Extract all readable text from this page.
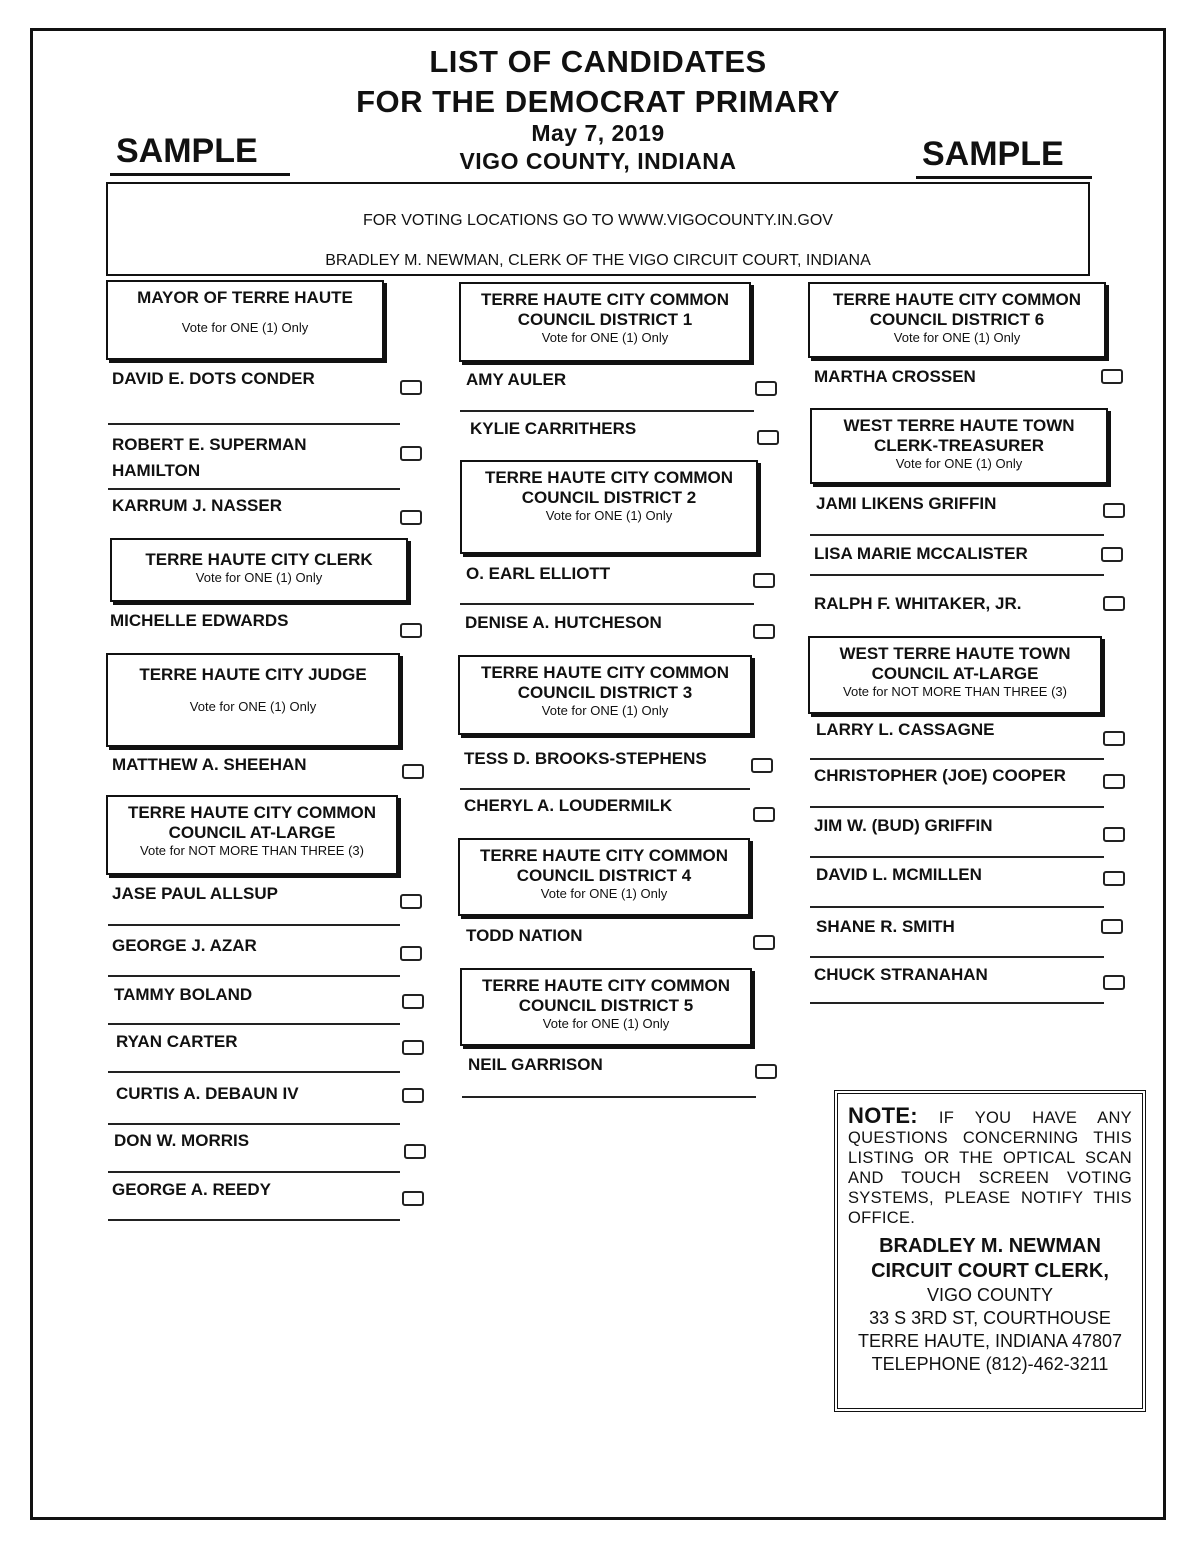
LIST OF CANDIDATES
FOR THE DEMOCRAT PRIMARY
May 7, 2019
VIGO COUNTY, INDIANA
SAMPLE	SAMPLE
FOR VOTING LOCATIONS GO TO WWW.VIGOCOUNTY.IN.GOV
BRADLEY M. NEWMAN, CLERK OF THE VIGO CIRCUIT COURT, INDIANA
MAYOR OF TERRE HAUTE
Vote for ONE (1) Only
DAVID E. DOTS CONDER
ROBERT E. SUPERMAN HAMILTON
KARRUM J. NASSER
TERRE HAUTE CITY CLERK
Vote for ONE (1) Only
MICHELLE EDWARDS
TERRE HAUTE CITY JUDGE
Vote for ONE (1) Only
MATTHEW A. SHEEHAN
TERRE HAUTE CITY COMMON COUNCIL AT-LARGE
Vote for NOT MORE THAN THREE (3)
JASE PAUL ALLSUP
GEORGE J. AZAR
TAMMY BOLAND
RYAN CARTER
CURTIS A. DEBAUN IV
DON W. MORRIS
GEORGE A. REEDY
TERRE HAUTE CITY COMMON COUNCIL DISTRICT 1
Vote for ONE (1) Only
AMY AULER
KYLIE CARRITHERS
TERRE HAUTE CITY COMMON COUNCIL DISTRICT 2
Vote for ONE (1) Only
O. EARL ELLIOTT
DENISE A. HUTCHESON
TERRE HAUTE CITY COMMON COUNCIL DISTRICT 3
Vote for ONE (1) Only
TESS D. BROOKS-STEPHENS
CHERYL A. LOUDERMILK
TERRE HAUTE CITY COMMON COUNCIL DISTRICT 4
Vote for ONE (1) Only
TODD NATION
TERRE HAUTE CITY COMMON COUNCIL DISTRICT 5
Vote for ONE (1) Only
NEIL GARRISON
TERRE HAUTE CITY COMMON COUNCIL DISTRICT 6
Vote for ONE (1) Only
MARTHA CROSSEN
WEST TERRE HAUTE TOWN CLERK-TREASURER
Vote for ONE (1) Only
JAMI LIKENS GRIFFIN
LISA MARIE MCCALISTER
RALPH F. WHITAKER, JR.
WEST TERRE HAUTE TOWN COUNCIL AT-LARGE
Vote for NOT MORE THAN THREE (3)
LARRY L. CASSAGNE
CHRISTOPHER (JOE) COOPER
JIM W. (BUD) GRIFFIN
DAVID L. MCMILLEN
SHANE R. SMITH
CHUCK STRANAHAN
NOTE: IF YOU HAVE ANY QUESTIONS CONCERNING THIS LISTING OR THE OPTICAL SCAN AND TOUCH SCREEN VOTING SYSTEMS, PLEASE NOTIFY THIS OFFICE.
BRADLEY M. NEWMAN
CIRCUIT COURT CLERK,
VIGO COUNTY
33 S 3RD ST, COURTHOUSE
TERRE HAUTE, INDIANA 47807
TELEPHONE (812)-462-3211
